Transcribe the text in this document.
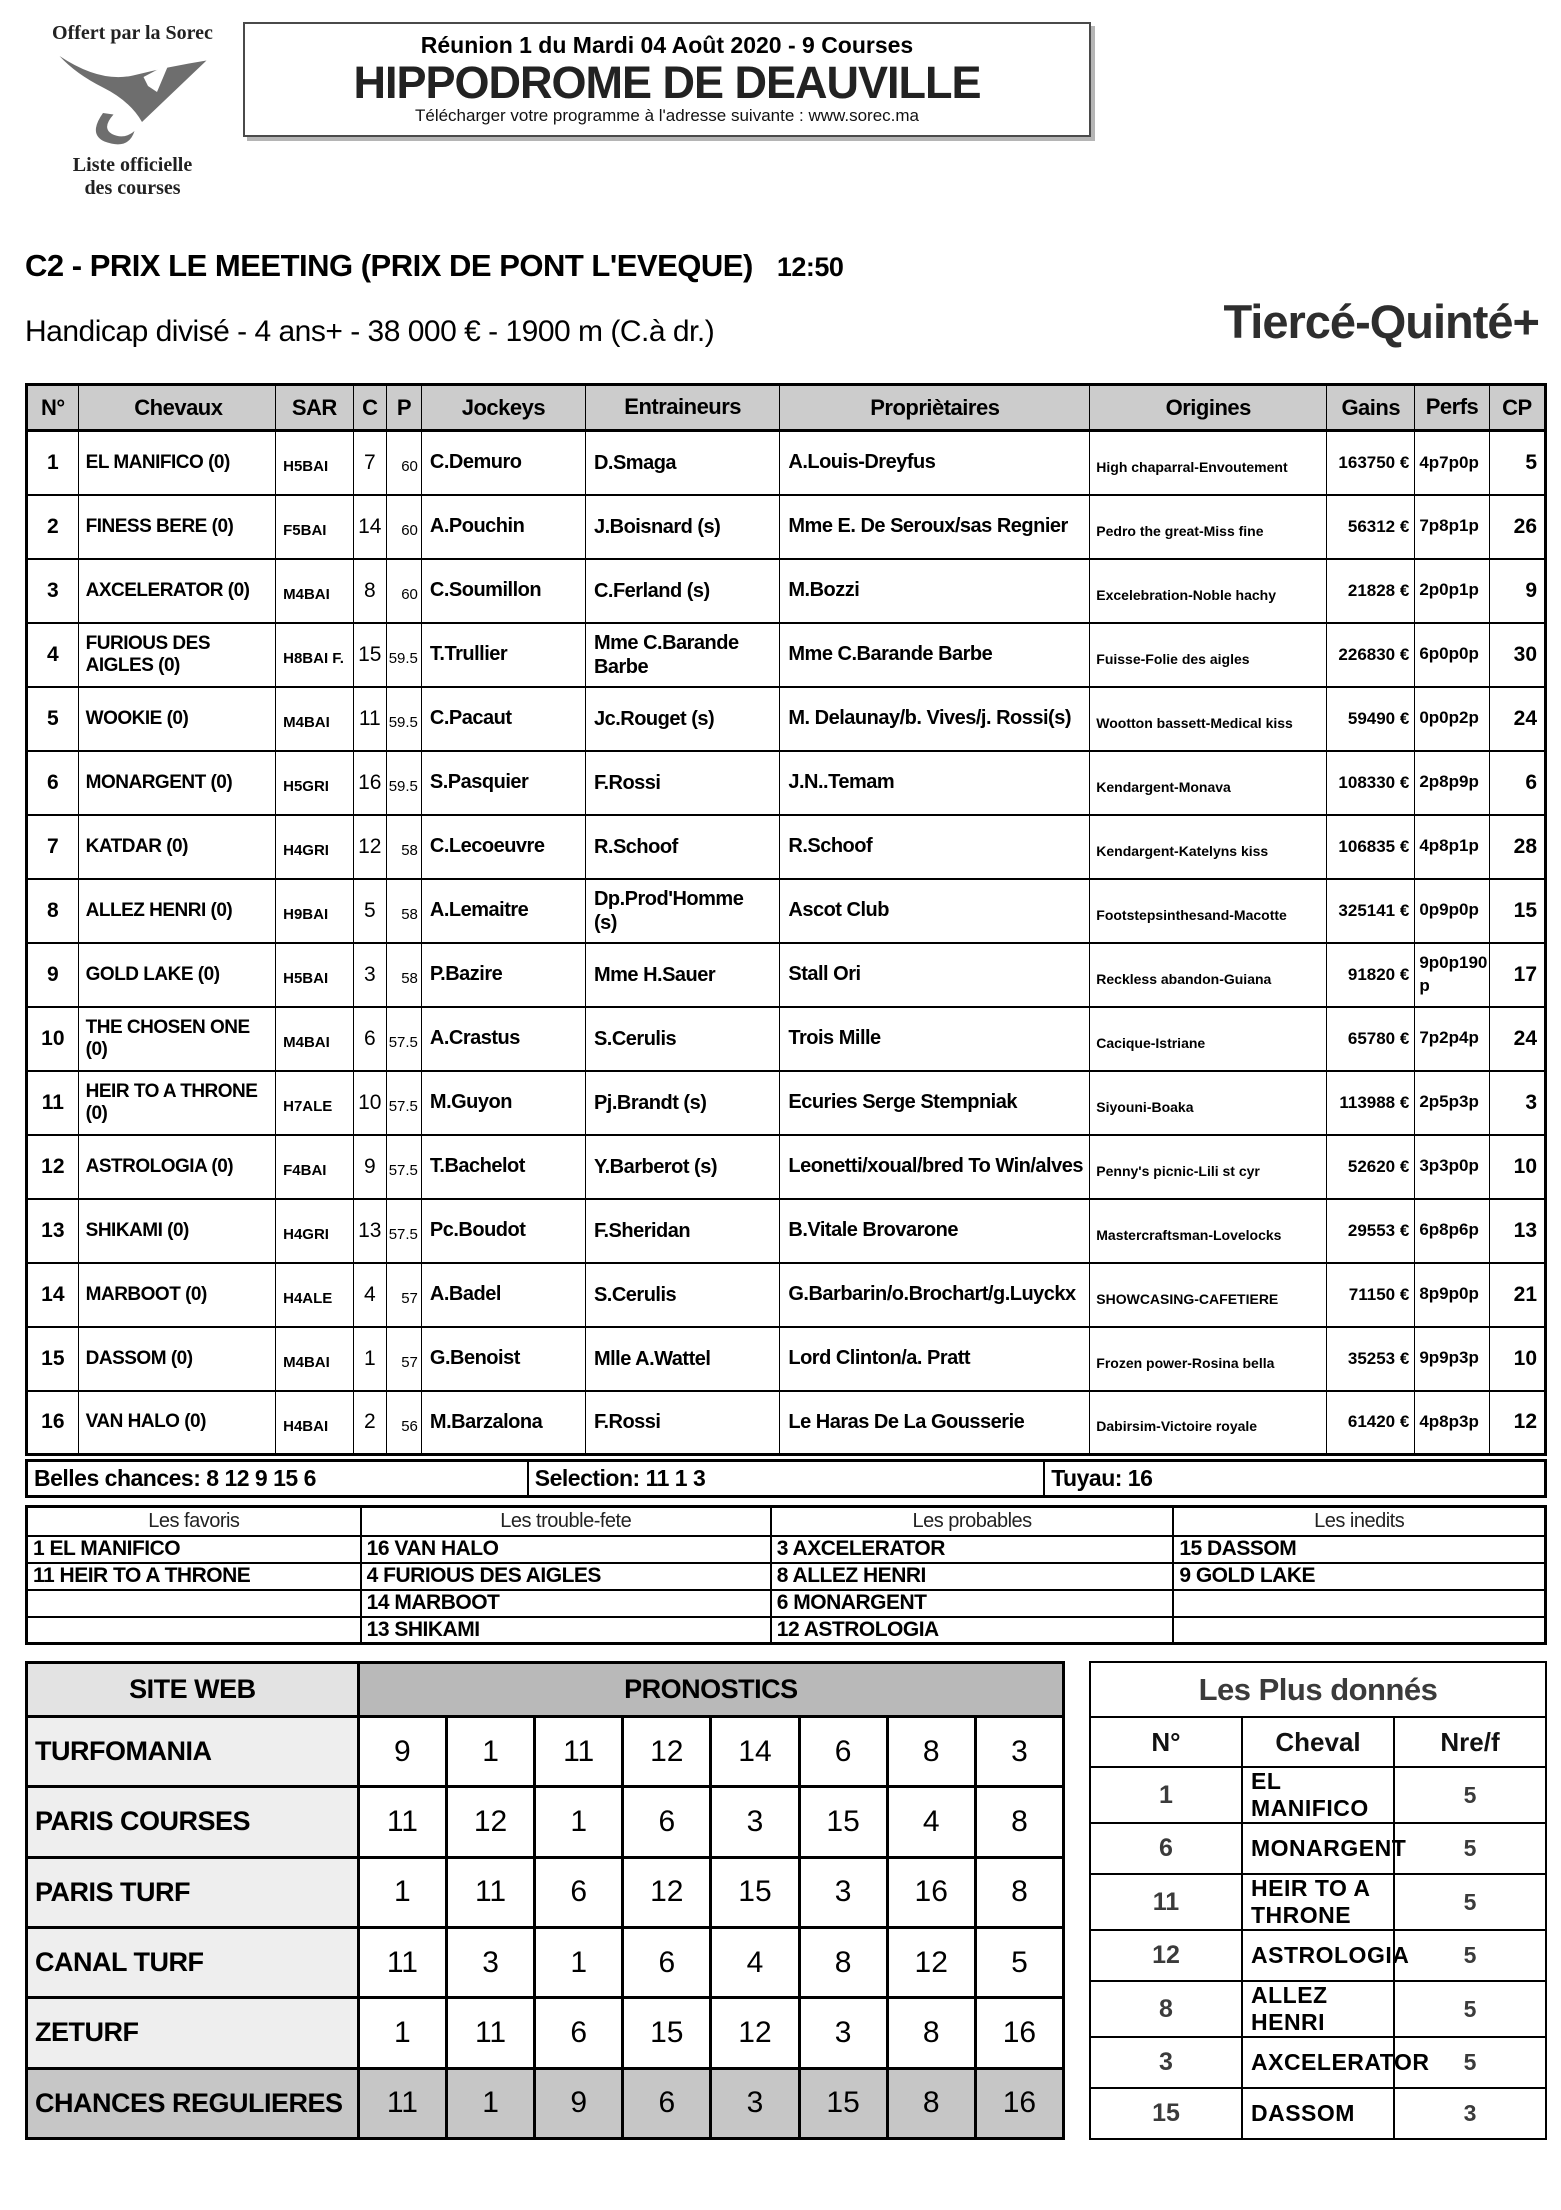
Offert par la Sorec
Liste officielle
des courses
Réunion 1 du Mardi 04 Août 2020 - 9 Courses
HIPPODROME DE DEAUVILLE
Télécharger votre programme à l'adresse suivante : www.sorec.ma
C2 - PRIX LE MEETING (PRIX DE PONT L'EVEQUE) 12:50
Handicap divisé - 4 ans+ - 38 000 € - 1900 m (C.à dr.)	Tiercé-Quinté+
N°	Chevaux	SAR	C	P	Jockeys	Entraineurs	Propriètaires	Origines	Gains	Perfs	CP
1	EL MANIFICO (0)	H5BAI	7	60	C.Demuro	D.Smaga	A.Louis-Dreyfus	High chaparral-Envoutement	163750 €	4p7p0p	5
2	FINESS BERE (0)	F5BAI	14	60	A.Pouchin	J.Boisnard (s)	Mme E. De Seroux/sas Regnier	Pedro the great-Miss fine	56312 €	7p8p1p	26
3	AXCELERATOR (0)	M4BAI	8	60	C.Soumillon	C.Ferland (s)	M.Bozzi	Excelebration-Noble hachy	21828 €	2p0p1p	9
4	FURIOUS DES AIGLES (0)	H8BAI F.	15	59.5	T.Trullier	Mme C.Barande Barbe	Mme C.Barande Barbe	Fuisse-Folie des aigles	226830 €	6p0p0p	30
5	WOOKIE (0)	M4BAI	11	59.5	C.Pacaut	Jc.Rouget (s)	M. Delaunay/b. Vives/j. Rossi(s)	Wootton bassett-Medical kiss	59490 €	0p0p2p	24
6	MONARGENT (0)	H5GRI	16	59.5	S.Pasquier	F.Rossi	J.N..Temam	Kendargent-Monava	108330 €	2p8p9p	6
7	KATDAR (0)	H4GRI	12	58	C.Lecoeuvre	R.Schoof	R.Schoof	Kendargent-Katelyns kiss	106835 €	4p8p1p	28
8	ALLEZ HENRI (0)	H9BAI	5	58	A.Lemaitre	Dp.Prod'Homme (s)	Ascot Club	Footstepsinthesand-Macotte	325141 €	0p9p0p	15
9	GOLD LAKE (0)	H5BAI	3	58	P.Bazire	Mme H.Sauer	Stall Ori	Reckless abandon-Guiana	91820 €	9p0p190p	17
10	THE CHOSEN ONE (0)	M4BAI	6	57.5	A.Crastus	S.Cerulis	Trois Mille	Cacique-Istriane	65780 €	7p2p4p	24
11	HEIR TO A THRONE (0)	H7ALE	10	57.5	M.Guyon	Pj.Brandt (s)	Ecuries Serge Stempniak	Siyouni-Boaka	113988 €	2p5p3p	3
12	ASTROLOGIA (0)	F4BAI	9	57.5	T.Bachelot	Y.Barberot (s)	Leonetti/xoual/bred To Win/alves	Penny's picnic-Lili st cyr	52620 €	3p3p0p	10
13	SHIKAMI (0)	H4GRI	13	57.5	Pc.Boudot	F.Sheridan	B.Vitale Brovarone	Mastercraftsman-Lovelocks	29553 €	6p8p6p	13
14	MARBOOT (0)	H4ALE	4	57	A.Badel	S.Cerulis	G.Barbarin/o.Brochart/g.Luyckx	SHOWCASING-CAFETIERE	71150 €	8p9p0p	21
15	DASSOM (0)	M4BAI	1	57	G.Benoist	Mlle A.Wattel	Lord Clinton/a. Pratt	Frozen power-Rosina bella	35253 €	9p9p3p	10
16	VAN HALO (0)	H4BAI	2	56	M.Barzalona	F.Rossi	Le Haras De La Gousserie	Dabirsim-Victoire royale	61420 €	4p8p3p	12
Belles chances: 8 12 9 15 6	Selection: 11 1 3	Tuyau: 16
Les favoris	Les trouble-fete	Les probables	Les inedits
1 EL MANIFICO	16 VAN HALO	3 AXCELERATOR	15 DASSOM
11 HEIR TO A THRONE	4 FURIOUS DES AIGLES	8 ALLEZ HENRI	9 GOLD LAKE
	14 MARBOOT	6 MONARGENT	
	13 SHIKAMI	12 ASTROLOGIA	
SITE WEB	PRONOSTICS							
TURFOMANIA	9	1	11	12	14	6	8	3
PARIS COURSES	11	12	1	6	3	15	4	8
PARIS TURF	1	11	6	12	15	3	16	8
CANAL TURF	11	3	1	6	4	8	12	5
ZETURF	1	11	6	15	12	3	8	16
CHANCES REGULIERES	11	1	9	6	3	15	8	16
Les Plus donnés		
N°	Cheval	Nre/f
1	EL MANIFICO	5
6	MONARGENT	5
11	HEIR TO A THRONE	5
12	ASTROLOGIA	5
8	ALLEZ HENRI	5
3	AXCELERATOR	5
15	DASSOM	3
